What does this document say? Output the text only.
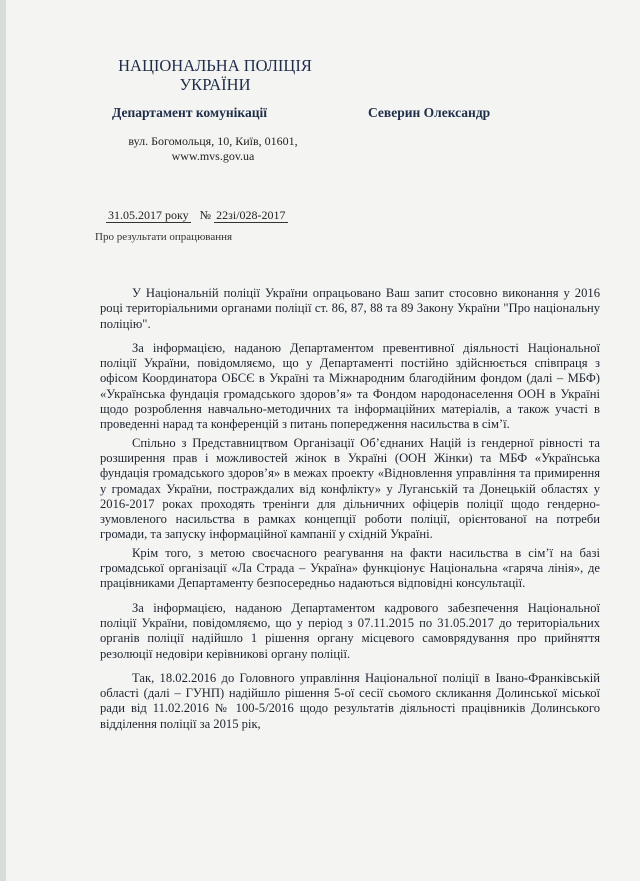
НАЦІОНАЛЬНА ПОЛІЦІЯ УКРАЇНИ
Департамент комунікації
вул. Богомольця, 10, Київ, 01601,
www.mvs.gov.ua
Северин Олександр
31.05.2017 року № 22зі/028-2017
Про результати опрацювання

У Національній поліції України опрацьовано Ваш запит стосовно виконання у 2016 році територіальними органами поліції ст. 86, 87, 88 та 89 Закону України "Про національну поліцію".

За інформацією, наданою Департаментом превентивної діяльності Національної поліції України, повідомляємо, що у Департаменті постійно здійснюється співпраця з офісом Координатора ОБСЄ в Україні та Міжнародним благодійним фондом (далі – МБФ) «Українська фундація громадського здоров’я» та Фондом народонаселення ООН в Україні щодо розроблення навчально-методичних та інформаційних матеріалів, а також участі в проведенні нарад та конференцій з питань попередження насильства в сім’ї.

Спільно з Представництвом Організації Об’єднаних Націй із гендерної рівності та розширення прав і можливостей жінок в Україні (ООН Жінки) та МБФ «Українська фундація громадського здоров’я» в межах проекту «Відновлення управління та примирення у громадах України, постраждалих від конфлікту» у Луганській та Донецькій областях у 2016-2017 роках проходять тренінги для дільничних офіцерів поліції щодо гендерно-зумовленого насильства в рамках концепції роботи поліції, орієнтованої на потреби громади, та запуску інформаційної кампанії у східній Україні.

Крім того, з метою своєчасного реагування на факти насильства в сім’ї на базі громадської організації «Ла Страда – Україна» функціонує Національна «гаряча лінія», де працівниками Департаменту безпосередньо надаються відповідні консультації.

За інформацією, наданою Департаментом кадрового забезпечення Національної поліції України, повідомляємо, що у період з 07.11.2015 по 31.05.2017 до територіальних органів поліції надійшло 1 рішення органу місцевого самоврядування про прийняття резолюції недовіри керівникові органу поліції.

Так, 18.02.2016 до Головного управління Національної поліції в Івано-Франківській області (далі – ГУНП) надійшло рішення 5-ої сесії сьомого скликання Долинської міської ради від 11.02.2016 № 100-5/2016 щодо результатів діяльності працівників Долинського відділення поліції за 2015 рік,
